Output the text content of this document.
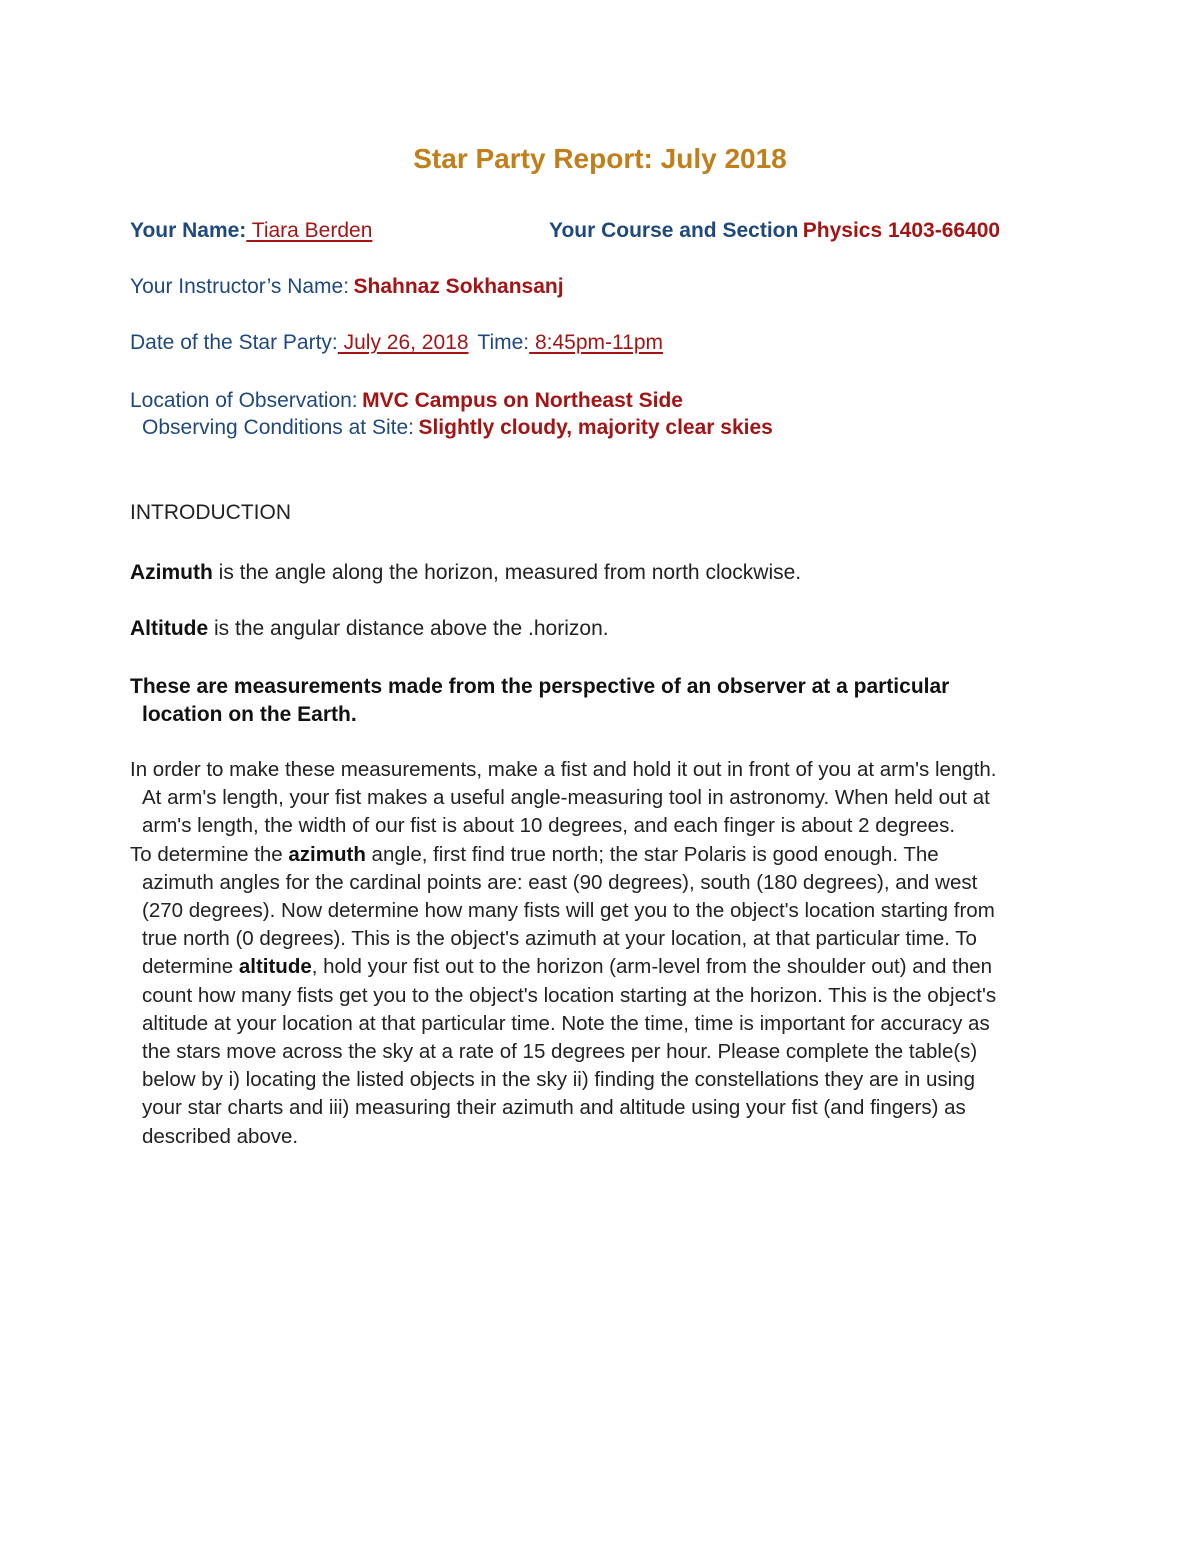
Star Party Report: July 2018
Your Name: Tiara Berden	Your Course and Section Physics 1403-66400
Your Instructor’s Name: Shahnaz Sokhansanj
Date of the Star Party: July 26, 2018 Time: 8:45pm-11pm
Location of Observation: MVC Campus on Northeast Side
Observing Conditions at Site: Slightly cloudy, majority clear skies
INTRODUCTION
Azimuth is the angle along the horizon, measured from north clockwise.
Altitude is the angular distance above the .horizon.
These are measurements made from the perspective of an observer at a particular
location on the Earth.
In order to make these measurements, make a fist and hold it out in front of you at arm's length.
At arm's length, your fist makes a useful angle-measuring tool in astronomy. When held out at
arm's length, the width of our fist is about 10 degrees, and each finger is about 2 degrees.
To determine the azimuth angle, first find true north; the star Polaris is good enough. The
azimuth angles for the cardinal points are: east (90 degrees), south (180 degrees), and west
(270 degrees). Now determine how many fists will get you to the object's location starting from
true north (0 degrees). This is the object's azimuth at your location, at that particular time. To
determine altitude, hold your fist out to the horizon (arm-level from the shoulder out) and then
count how many fists get you to the object's location starting at the horizon. This is the object's
altitude at your location at that particular time. Note the time, time is important for accuracy as
the stars move across the sky at a rate of 15 degrees per hour. Please complete the table(s)
below by i) locating the listed objects in the sky ii) finding the constellations they are in using
your star charts and iii) measuring their azimuth and altitude using your fist (and fingers) as
described above.
